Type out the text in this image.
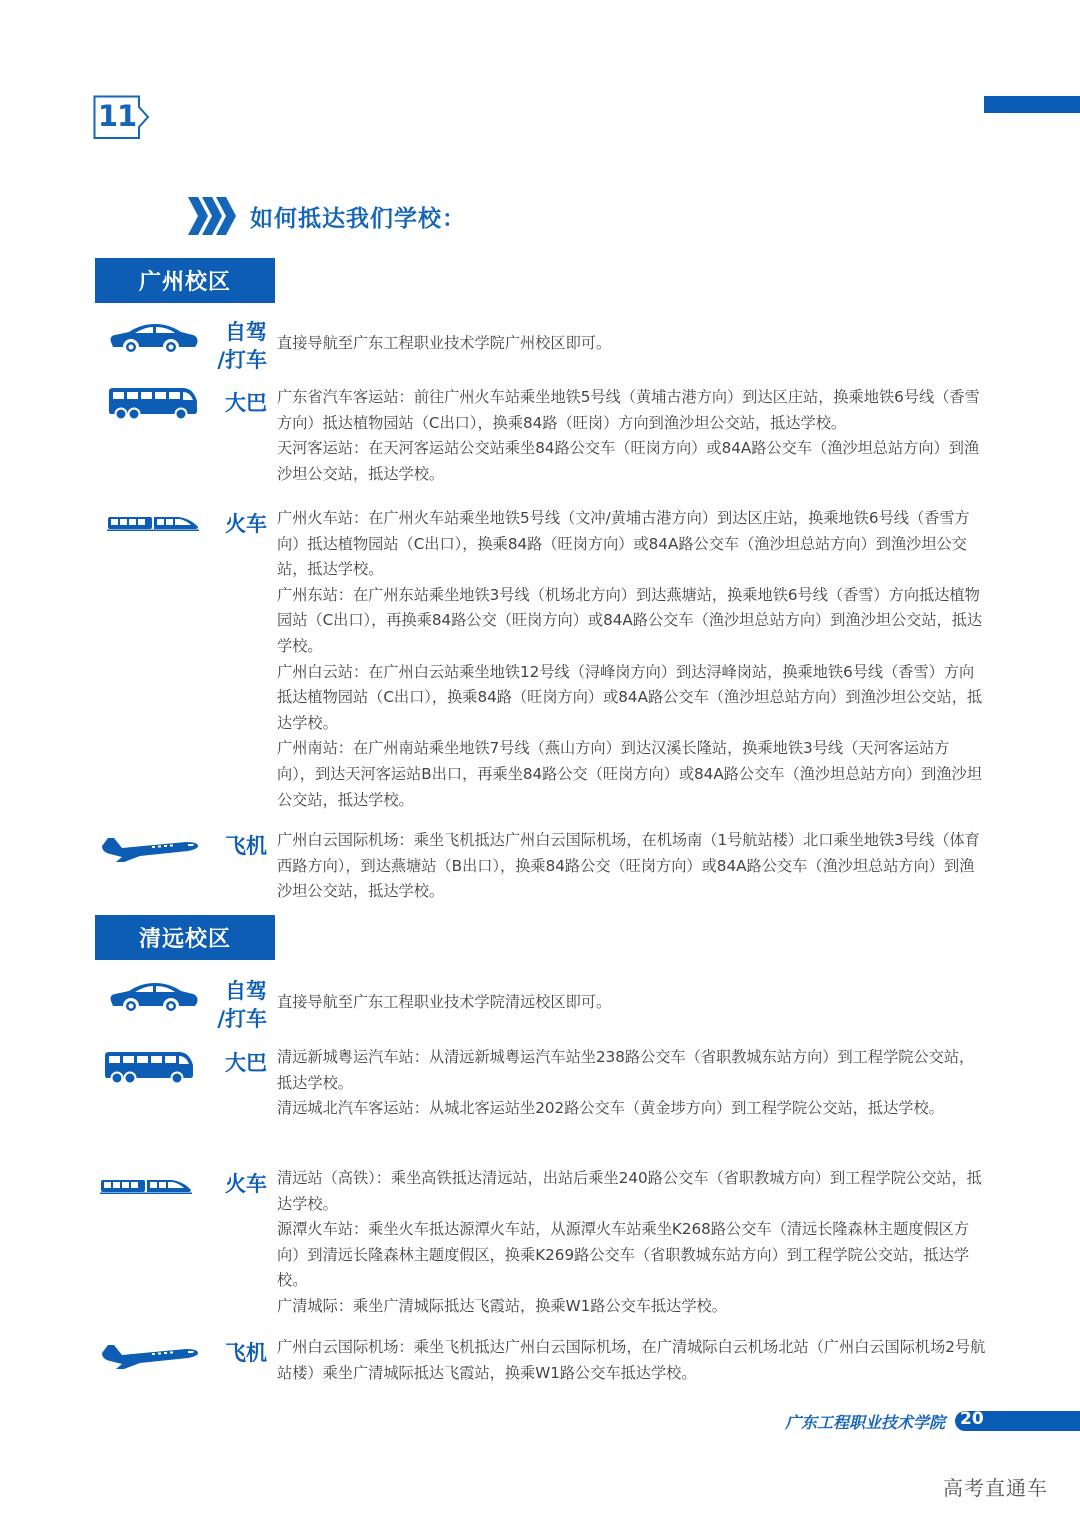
11
如何抵达我们学校：
广州校区
自驾
/打车

直接导航至广东工程职业技术学院广州校区即可。

大巴 广东省汽车客运站：前往广州火车站乘坐地铁5号线（黄埔古港方向）到达区庄站，换乘地铁6号线（香雪方向）抵达植物园站（C出口），换乘84路（旺岗）方向到渔沙坦公交站，抵达学校。

天河客运站：在天河客运站公交站乘坐84路公交车（旺岗方向）或84A路公交车（渔沙坦总站方向）到渔沙坦公交站，抵达学校。

火车 广州火车站：在广州火车站乘坐地铁5号线（文冲/黄埔古港方向）到达区庄站，换乘地铁6号线（香雪方向）抵达植物园站（C出口），换乘84路（旺岗方向）或84A路公交车（渔沙坦总站方向）到渔沙坦公交站，抵达学校。

广州东站：在广州东站乘坐地铁3号线（机场北方向）到达燕塘站，换乘地铁6号线（香雪）方向抵达植物园站（C出口），再换乘84路公交（旺岗方向）或84A路公交车（渔沙坦总站方向）到渔沙坦公交站，抵达学校。

广州白云站：在广州白云站乘坐地铁12号线（浔峰岗方向）到达浔峰岗站，换乘地铁6号线（香雪）方向抵达植物园站（C出口），换乘84路（旺岗方向）或84A路公交车（渔沙坦总站方向）到渔沙坦公交站，抵达学校。

广州南站：在广州南站乘坐地铁7号线（燕山方向）到达汉溪长隆站，换乘地铁3号线（天河客运站方向），到达天河客运站B出口，再乘坐84路公交（旺岗方向）或84A路公交车（渔沙坦总站方向）到渔沙坦公交站，抵达学校。

飞机 广州白云国际机场：乘坐飞机抵达广州白云国际机场，在机场南（1号航站楼）北口乘坐地铁3号线（体育西路方向），到达燕塘站（B出口），换乘84路公交（旺岗方向）或84A路公交车（渔沙坦总站方向）到渔沙坦公交站，抵达学校。

清远校区
自驾
/打车

直接导航至广东工程职业技术学院清远校区即可。

大巴 清远新城粤运汽车站：从清远新城粤运汽车站坐238路公交车（省职教城东站方向）到工程学院公交站，抵达学校。

清远城北汽车客运站：从城北客运站坐202路公交车（黄金埗方向）到工程学院公交站，抵达学校。

火车 清远站（高铁）：乘坐高铁抵达清远站，出站后乘坐240路公交车（省职教城方向）到工程学院公交站，抵达学校。

源潭火车站：乘坐火车抵达源潭火车站，从源潭火车站乘坐K268路公交车（清远长隆森林主题度假区方向）到清远长隆森林主题度假区，换乘K269路公交车（省职教城东站方向）到工程学院公交站，抵达学校。

广清城际：乘坐广清城际抵达飞霞站，换乘W1路公交车抵达学校。

飞机 广州白云国际机场：乘坐飞机抵达广州白云国际机场，在广清城际白云机场北站（广州白云国际机场2号航站楼）乘坐广清城际抵达飞霞站，换乘W1路公交车抵达学校。

广东工程职业技术学院 20
高考直通车
